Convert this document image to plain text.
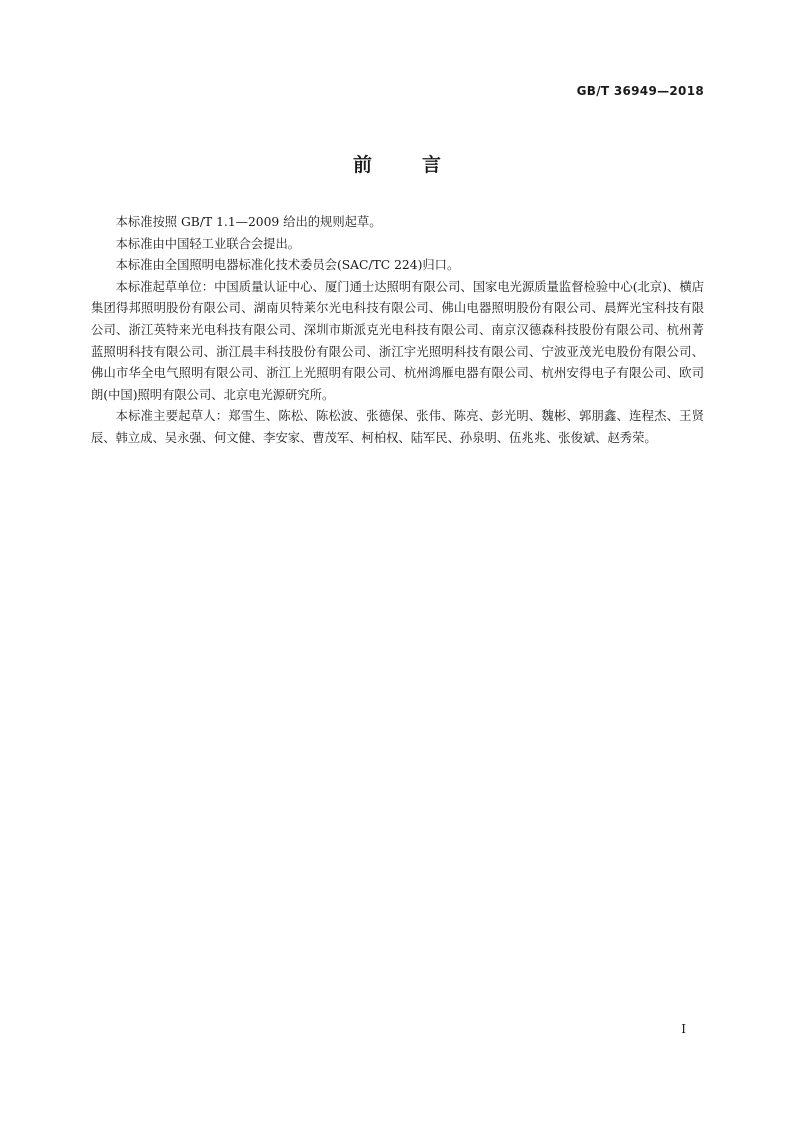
GB/T 36949—2018
前言

本标准按照 GB/T 1.1—2009 给出的规则起草。

本标准由中国轻工业联合会提出。

本标准由全国照明电器标准化技术委员会(SAC/TC 224)归口。

本标准起草单位：中国质量认证中心、厦门通士达照明有限公司、国家电光源质量监督检验中心(北京)、横店集团得邦照明股份有限公司、湖南贝特莱尔光电科技有限公司、佛山电器照明股份有限公司、晨辉光宝科技有限公司、浙江英特来光电科技有限公司、深圳市斯派克光电科技有限公司、南京汉德森科技股份有限公司、杭州菁蓝照明科技有限公司、浙江晨丰科技股份有限公司、浙江宇光照明科技有限公司、宁波亚茂光电股份有限公司、佛山市华全电气照明有限公司、浙江上光照明有限公司、杭州鸿雁电器有限公司、杭州安得电子有限公司、欧司朗(中国)照明有限公司、北京电光源研究所。

本标准主要起草人：郑雪生、陈松、陈松波、张德保、张伟、陈亮、彭光明、魏彬、郭朋鑫、连程杰、王贤辰、韩立成、吴永强、何文健、李安家、曹茂军、柯柏权、陆军民、孙泉明、伍兆兆、张俊斌、赵秀荣。

I
